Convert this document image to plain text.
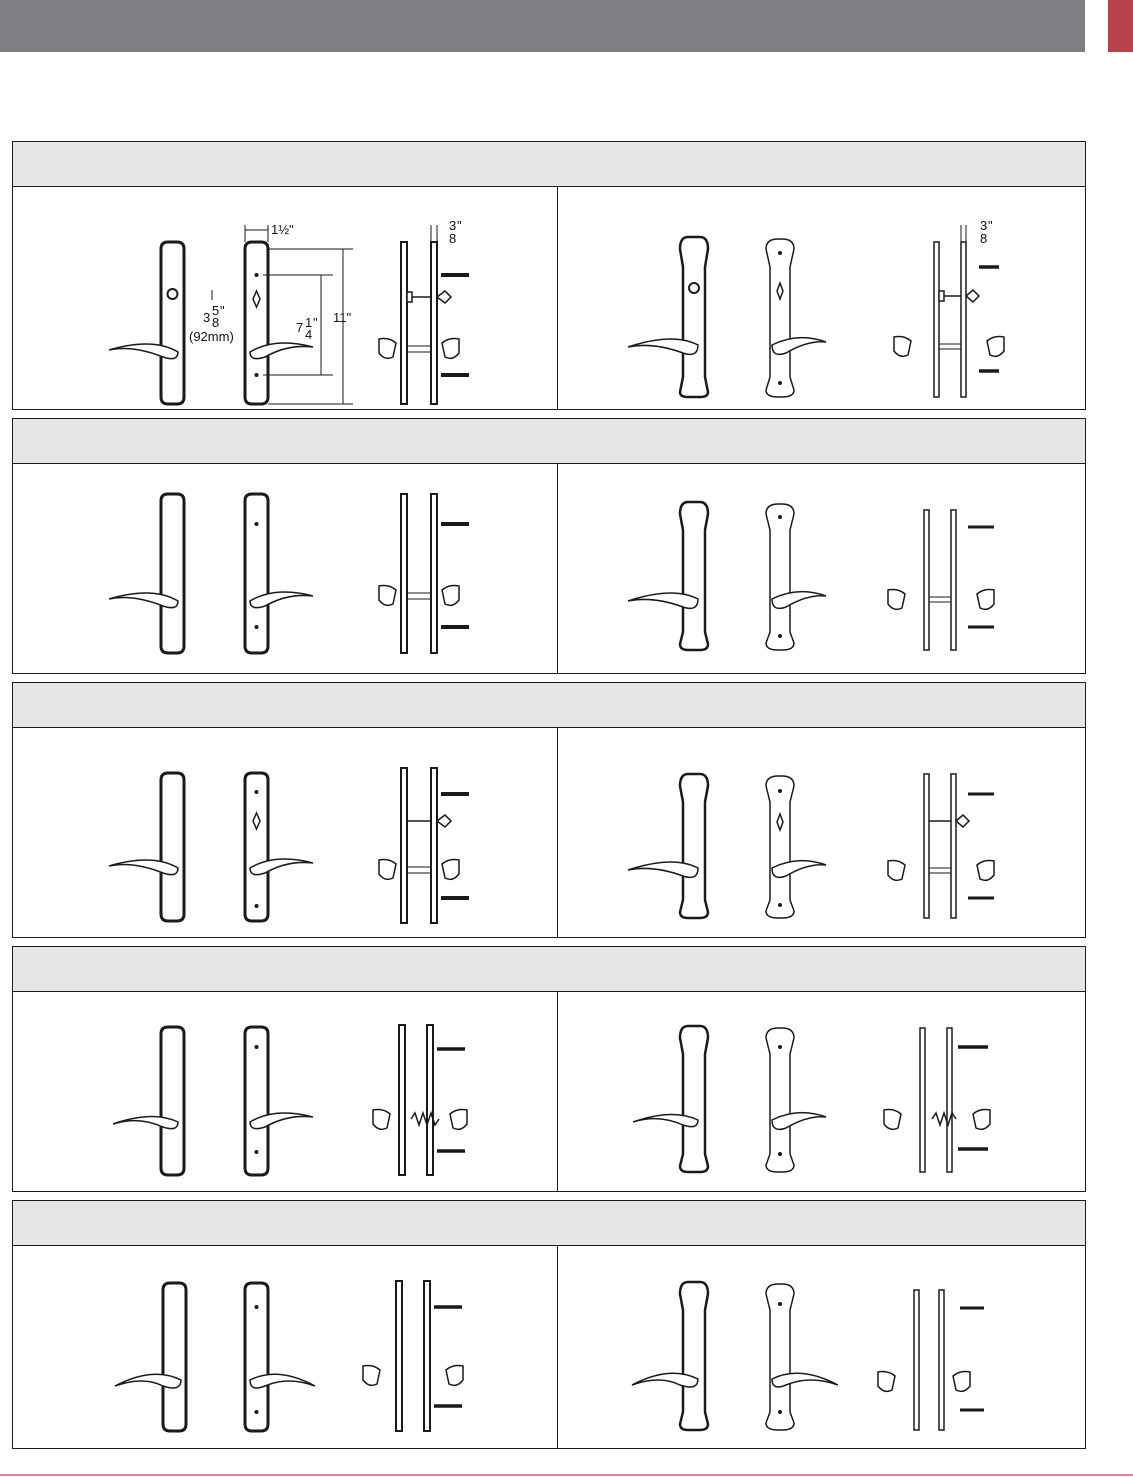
1½"
7 1
4
" 11"
3 5
8
"
(92mm)
3
8
"	3
8
"
